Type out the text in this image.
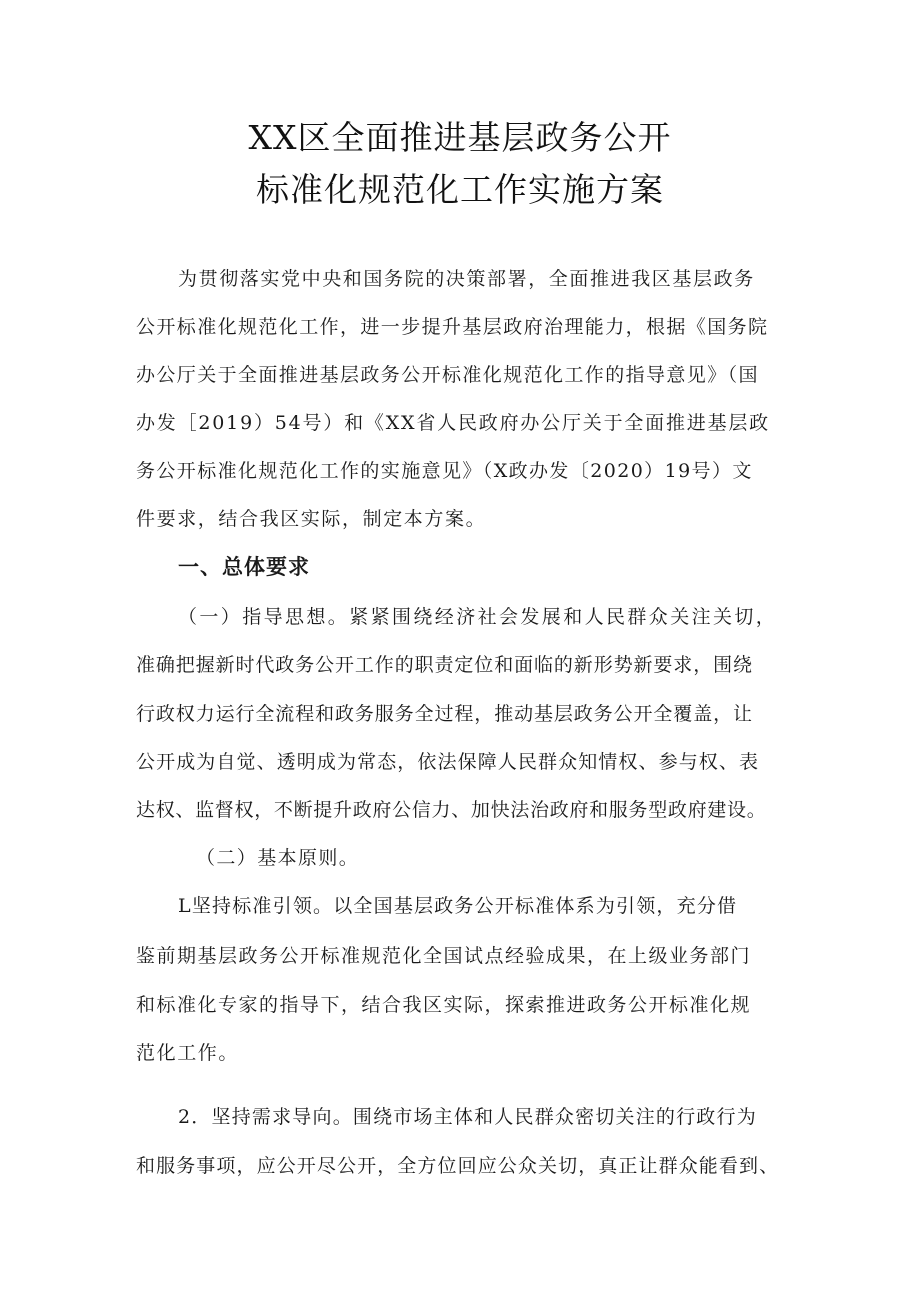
XX区全面推进基层政务公开
标准化规范化工作实施方案
为贯彻落实党中央和国务院的决策部署，全面推进我区基层政务
公开标准化规范化工作，进一步提升基层政府治理能力，根据《国务院
办公厅关于全面推进基层政务公开标准化规范化工作的指导意见》（国
办发［2019）54号）和《XX省人民政府办公厅关于全面推进基层政
务公开标准化规范化工作的实施意见》（X政办发〔2020）19号）文
件要求，结合我区实际，制定本方案。
一、总体要求
（一）指导思想。紧紧围绕经济社会发展和人民群众关注关切，
准确把握新时代政务公开工作的职责定位和面临的新形势新要求，围绕
行政权力运行全流程和政务服务全过程，推动基层政务公开全覆盖，让
公开成为自觉、透明成为常态，依法保障人民群众知情权、参与权、表
达权、监督权，不断提升政府公信力、加快法治政府和服务型政府建设。
（二）基本原则。
L坚持标准引领。以全国基层政务公开标准体系为引领，充分借
鉴前期基层政务公开标准规范化全国试点经验成果，在上级业务部门
和标准化专家的指导下，结合我区实际，探索推进政务公开标准化规
范化工作。
2．坚持需求导向。围绕市场主体和人民群众密切关注的行政行为
和服务事项，应公开尽公开，全方位回应公众关切，真正让群众能看到、
